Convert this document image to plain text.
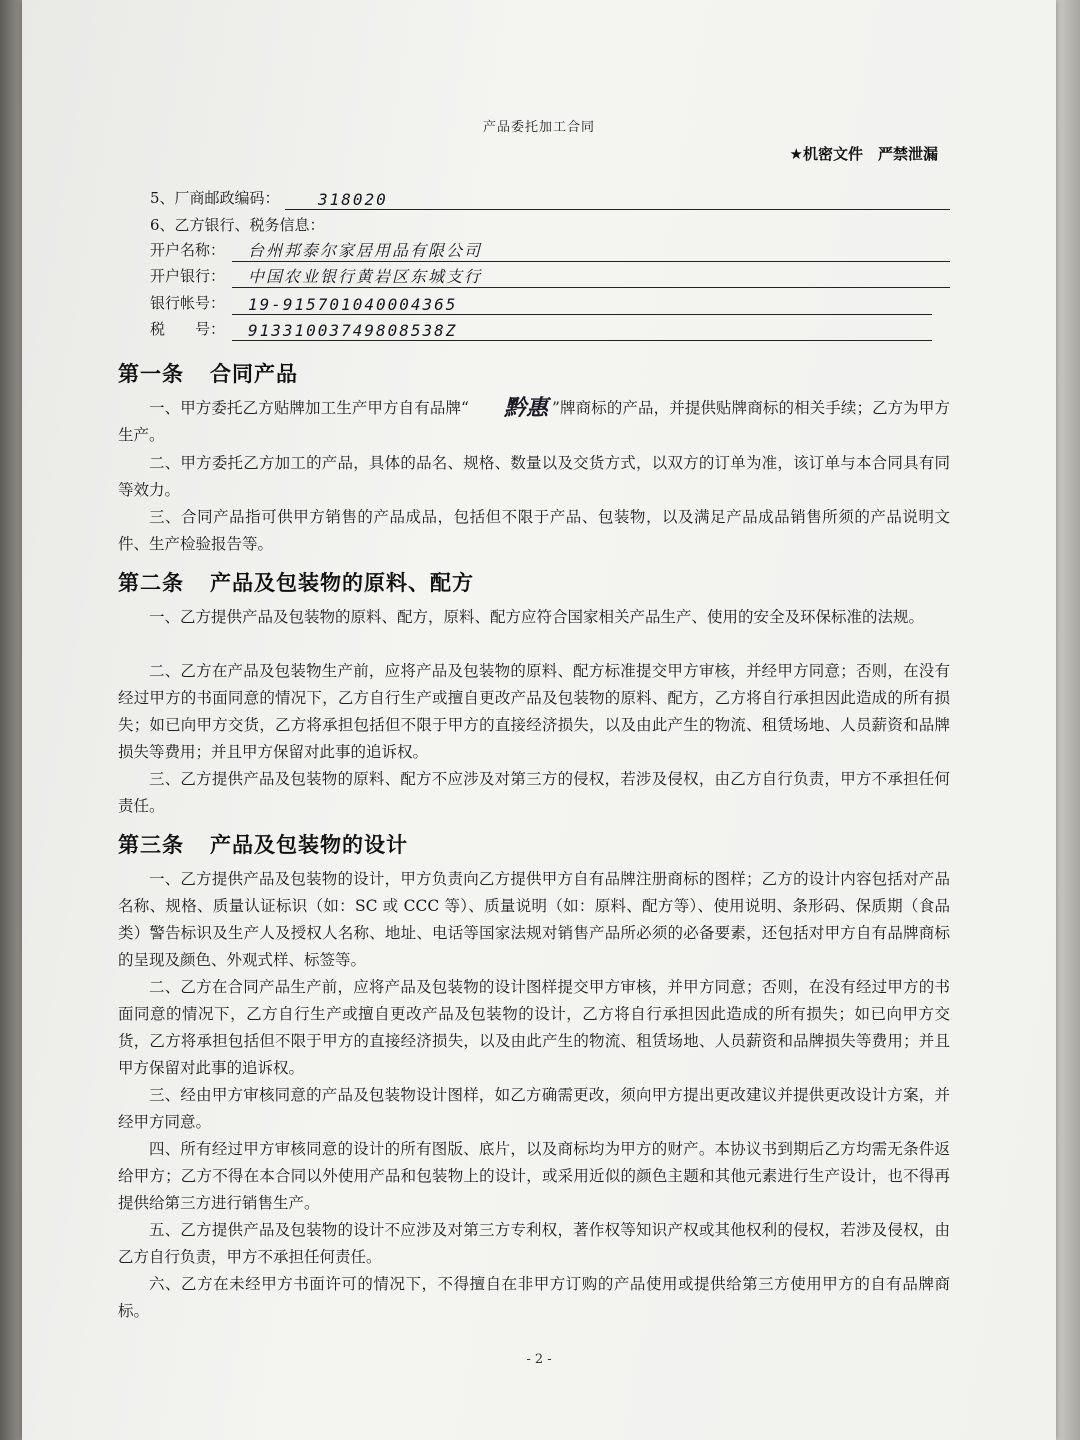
产品委托加工合同
★机密文件　严禁泄漏
5、厂商邮政编码： 318020
6、乙方银行、税务信息：
开户名称： 台州邦泰尔家居用品有限公司
开户银行： 中国农业银行黄岩区东城支行
银行帐号： 19-915701040004365
税　　号： 91331003749808538Z
第一条 合同产品
一、甲方委托乙方贴牌加工生产甲方自有品牌“ 黔惠 ”牌商标的产品，并提供贴牌商标的相关手续；乙方为甲方生产。
二、甲方委托乙方加工的产品，具体的品名、规格、数量以及交货方式，以双方的订单为准，该订单与本合同具有同等效力。
三、合同产品指可供甲方销售的产品成品，包括但不限于产品、包装物，以及满足产品成品销售所须的产品说明文件、生产检验报告等。
第二条 产品及包装物的原料、配方
一、乙方提供产品及包装物的原料、配方，原料、配方应符合国家相关产品生产、使用的安全及环保标准的法规。
二、乙方在产品及包装物生产前，应将产品及包装物的原料、配方标准提交甲方审核，并经甲方同意；否则，在没有经过甲方的书面同意的情况下，乙方自行生产或擅自更改产品及包装物的原料、配方，乙方将自行承担因此造成的所有损失；如已向甲方交货，乙方将承担包括但不限于甲方的直接经济损失，以及由此产生的物流、租赁场地、人员薪资和品牌损失等费用；并且甲方保留对此事的追诉权。
三、乙方提供产品及包装物的原料、配方不应涉及对第三方的侵权，若涉及侵权，由乙方自行负责，甲方不承担任何责任。
第三条 产品及包装物的设计
一、乙方提供产品及包装物的设计，甲方负责向乙方提供甲方自有品牌注册商标的图样；乙方的设计内容包括对产品名称、规格、质量认证标识（如：SC 或 CCC 等）、质量说明（如：原料、配方等）、使用说明、条形码、保质期（食品类）警告标识及生产人及授权人名称、地址、电话等国家法规对销售产品所必须的必备要素，还包括对甲方自有品牌商标的呈现及颜色、外观式样、标签等。
二、乙方在合同产品生产前，应将产品及包装物的设计图样提交甲方审核，并甲方同意；否则，在没有经过甲方的书面同意的情况下，乙方自行生产或擅自更改产品及包装物的设计，乙方将自行承担因此造成的所有损失；如已向甲方交货，乙方将承担包括但不限于甲方的直接经济损失，以及由此产生的物流、租赁场地、人员薪资和品牌损失等费用；并且甲方保留对此事的追诉权。
三、经由甲方审核同意的产品及包装物设计图样，如乙方确需更改，须向甲方提出更改建议并提供更改设计方案，并经甲方同意。
四、所有经过甲方审核同意的设计的所有图版、底片，以及商标均为甲方的财产。本协议书到期后乙方均需无条件返给甲方；乙方不得在本合同以外使用产品和包装物上的设计，或采用近似的颜色主题和其他元素进行生产设计，也不得再提供给第三方进行销售生产。
五、乙方提供产品及包装物的设计不应涉及对第三方专利权，著作权等知识产权或其他权利的侵权，若涉及侵权，由乙方自行负责，甲方不承担任何责任。
六、乙方在未经甲方书面许可的情况下，不得擅自在非甲方订购的产品使用或提供给第三方使用甲方的自有品牌商标。
- 2 -
